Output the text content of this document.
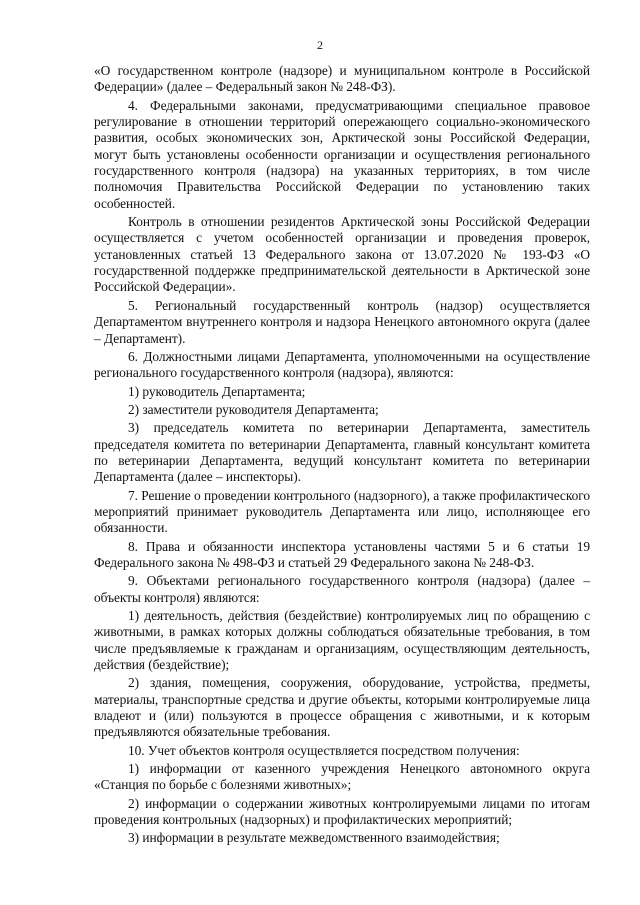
2

«О государственном контроле (надзоре) и муниципальном контроле в Российской Федерации» (далее – Федеральный закон № 248-ФЗ).

4. Федеральными законами, предусматривающими специальное правовое регулирование в отношении территорий опережающего социально-экономического развития, особых экономических зон, Арктической зоны Российской Федерации, могут быть установлены особенности организации и осуществления регионального государственного контроля (надзора) на указанных территориях, в том числе полномочия Правительства Российской Федерации по установлению таких особенностей.

Контроль в отношении резидентов Арктической зоны Российской Федерации осуществляется с учетом особенностей организации и проведения проверок, установленных статьей 13 Федерального закона от 13.07.2020 № 193-ФЗ «О государственной поддержке предпринимательской деятельности в Арктической зоне Российской Федерации».

5. Региональный государственный контроль (надзор) осуществляется Департаментом внутреннего контроля и надзора Ненецкого автономного округа (далее – Департамент).

6. Должностными лицами Департамента, уполномоченными на осуществление регионального государственного контроля (надзора), являются:

1) руководитель Департамента;

2) заместители руководителя Департамента;

3) председатель комитета по ветеринарии Департамента, заместитель председателя комитета по ветеринарии Департамента, главный консультант комитета по ветеринарии Департамента, ведущий консультант комитета по ветеринарии Департамента (далее – инспекторы).

7. Решение о проведении контрольного (надзорного), а также профилактического мероприятий принимает руководитель Департамента или лицо, исполняющее его обязанности.

8. Права и обязанности инспектора установлены частями 5 и 6 статьи 19 Федерального закона № 498-ФЗ и статьей 29 Федерального закона № 248-ФЗ.

9. Объектами регионального государственного контроля (надзора) (далее – объекты контроля) являются:

1) деятельность, действия (бездействие) контролируемых лиц по обращению с животными, в рамках которых должны соблюдаться обязательные требования, в том числе предъявляемые к гражданам и организациям, осуществляющим деятельность, действия (бездействие);

2) здания, помещения, сооружения, оборудование, устройства, предметы, материалы, транспортные средства и другие объекты, которыми контролируемые лица владеют и (или) пользуются в процессе обращения с животными, и к которым предъявляются обязательные требования.

10. Учет объектов контроля осуществляется посредством получения:

1) информации от казенного учреждения Ненецкого автономного округа «Станция по борьбе с болезнями животных»;

2) информации о содержании животных контролируемыми лицами по итогам проведения контрольных (надзорных) и профилактических мероприятий;

3) информации в результате межведомственного взаимодействия;
